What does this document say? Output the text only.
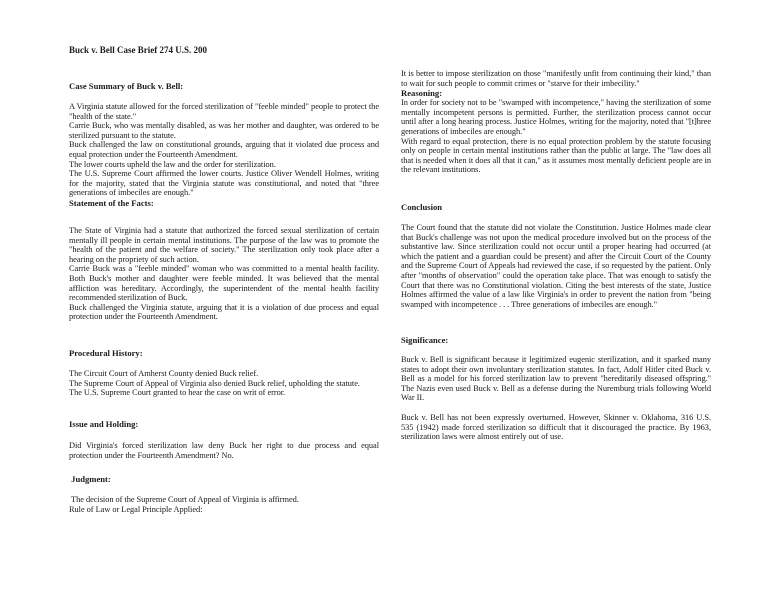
Buck v. Bell Case Brief 274 U.S. 200

Case Summary of Buck v. Bell:

A Virginia statute allowed for the forced sterilization of "feeble minded" people to protect the "health of the state."

Carrie Buck, who was mentally disabled, as was her mother and daughter, was ordered to be sterilized pursuant to the statute.

Buck challenged the law on constitutional grounds, arguing that it violated due process and equal protection under the Fourteenth Amendment.

The lower courts upheld the law and the order for sterilization.

The U.S. Supreme Court affirmed the lower courts. Justice Oliver Wendell Holmes, writing for the majority, stated that the Virginia statute was constitutional, and noted that "three generations of imbeciles are enough."

Statement of the Facts:

The State of Virginia had a statute that authorized the forced sexual sterilization of certain mentally ill people in certain mental institutions. The purpose of the law was to promote the "health of the patient and the welfare of society." The sterilization only took place after a hearing on the propriety of such action.

Carrie Buck was a "feeble minded" woman who was committed to a mental health facility. Both Buck's mother and daughter were feeble minded. It was believed that the mental affliction was hereditary. Accordingly, the superintendent of the mental health facility recommended sterilization of Buck.

Buck challenged the Virginia statute, arguing that it is a violation of due process and equal protection under the Fourteenth Amendment.

Procedural History:

The Circuit Court of Amherst County denied Buck relief.

The Supreme Court of Appeal of Virginia also denied Buck relief, upholding the statute.

The U.S. Supreme Court granted to hear the case on writ of error.

Issue and Holding:

Did Virginia's forced sterilization law deny Buck her right to due process and equal protection under the Fourteenth Amendment? No.

Judgment:

The decision of the Supreme Court of Appeal of Virginia is affirmed.

Rule of Law or Legal Principle Applied:

It is better to impose sterilization on those "manifestly unfit from continuing their kind," than to wait for such people to commit crimes or "starve for their imbecility."

Reasoning:

In order for society not to be "swamped with incompetence," having the sterilization of some mentally incompetent persons is permitted. Further, the sterilization process cannot occur until after a long hearing process. Justice Holmes, writing for the majority, noted that "[t]hree generations of imbeciles are enough."

With regard to equal protection, there is no equal protection problem by the statute focusing only on people in certain mental institutions rather than the public at large. The "law does all that is needed when it does all that it can," as it assumes most mentally deficient people are in the relevant institutions.

Conclusion

The Court found that the statute did not violate the Constitution. Justice Holmes made clear that Buck's challenge was not upon the medical procedure involved but on the process of the substantive law. Since sterilization could not occur until a proper hearing had occurred (at which the patient and a guardian could be present) and after the Circuit Court of the County and the Supreme Court of Appeals had reviewed the case, if so requested by the patient. Only after "months of observation" could the operation take place. That was enough to satisfy the Court that there was no Constitutional violation. Citing the best interests of the state, Justice Holmes affirmed the value of a law like Virginia's in order to prevent the nation from "being swamped with incompetence . . . Three generations of imbeciles are enough."

Significance:

Buck v. Bell is significant because it legitimized eugenic sterilization, and it sparked many states to adopt their own involuntary sterilization statutes. In fact, Adolf Hitler cited Buck v. Bell as a model for his forced sterilization law to prevent "hereditarily diseased offspring." The Nazis even used Buck v. Bell as a defense during the Nuremburg trials following World War II.

Buck v. Bell has not been expressly overturned. However, Skinner v. Oklahoma, 316 U.S. 535 (1942) made forced sterilization so difficult that it discouraged the practice. By 1963, sterilization laws were almost entirely out of use.
